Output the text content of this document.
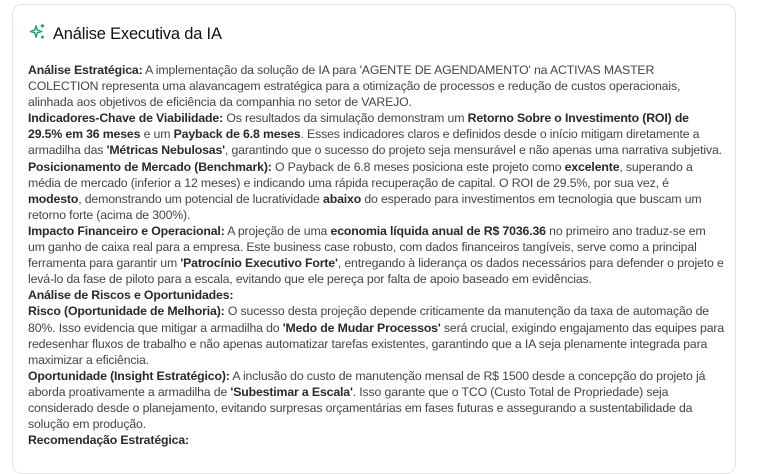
Análise Executiva da IA

Análise Estratégica: A implementação da solução de IA para 'AGENTE DE AGENDAMENTO' na ACTIVAS MASTER COLECTION representa uma alavancagem estratégica para a otimização de processos e redução de custos operacionais, alinhada aos objetivos de eficiência da companhia no setor de VAREJO.

Indicadores-Chave de Viabilidade: Os resultados da simulação demonstram um Retorno Sobre o Investimento (ROI) de 29.5% em 36 meses e um Payback de 6.8 meses. Esses indicadores claros e definidos desde o início mitigam diretamente a armadilha das 'Métricas Nebulosas', garantindo que o sucesso do projeto seja mensurável e não apenas uma narrativa subjetiva.

Posicionamento de Mercado (Benchmark): O Payback de 6.8 meses posiciona este projeto como excelente, superando a média de mercado (inferior a 12 meses) e indicando uma rápida recuperação de capital. O ROI de 29.5%, por sua vez, é modesto, demonstrando um potencial de lucratividade abaixo do esperado para investimentos em tecnologia que buscam um retorno forte (acima de 300%).

Impacto Financeiro e Operacional: A projeção de uma economia líquida anual de R$ 7036.36 no primeiro ano traduz-se em um ganho de caixa real para a empresa. Este business case robusto, com dados financeiros tangíveis, serve como a principal ferramenta para garantir um 'Patrocínio Executivo Forte', entregando à liderança os dados necessários para defender o projeto e levá-lo da fase de piloto para a escala, evitando que ele pereça por falta de apoio baseado em evidências.

Análise de Riscos e Oportunidades:

Risco (Oportunidade de Melhoria): O sucesso desta projeção depende criticamente da manutenção da taxa de automação de 80%. Isso evidencia que mitigar a armadilha do 'Medo de Mudar Processos' será crucial, exigindo engajamento das equipes para redesenhar fluxos de trabalho e não apenas automatizar tarefas existentes, garantindo que a IA seja plenamente integrada para maximizar a eficiência.

Oportunidade (Insight Estratégico): A inclusão do custo de manutenção mensal de R$ 1500 desde a concepção do projeto já aborda proativamente a armadilha de 'Subestimar a Escala'. Isso garante que o TCO (Custo Total de Propriedade) seja considerado desde o planejamento, evitando surpresas orçamentárias em fases futuras e assegurando a sustentabilidade da solução em produção.

Recomendação Estratégica:
